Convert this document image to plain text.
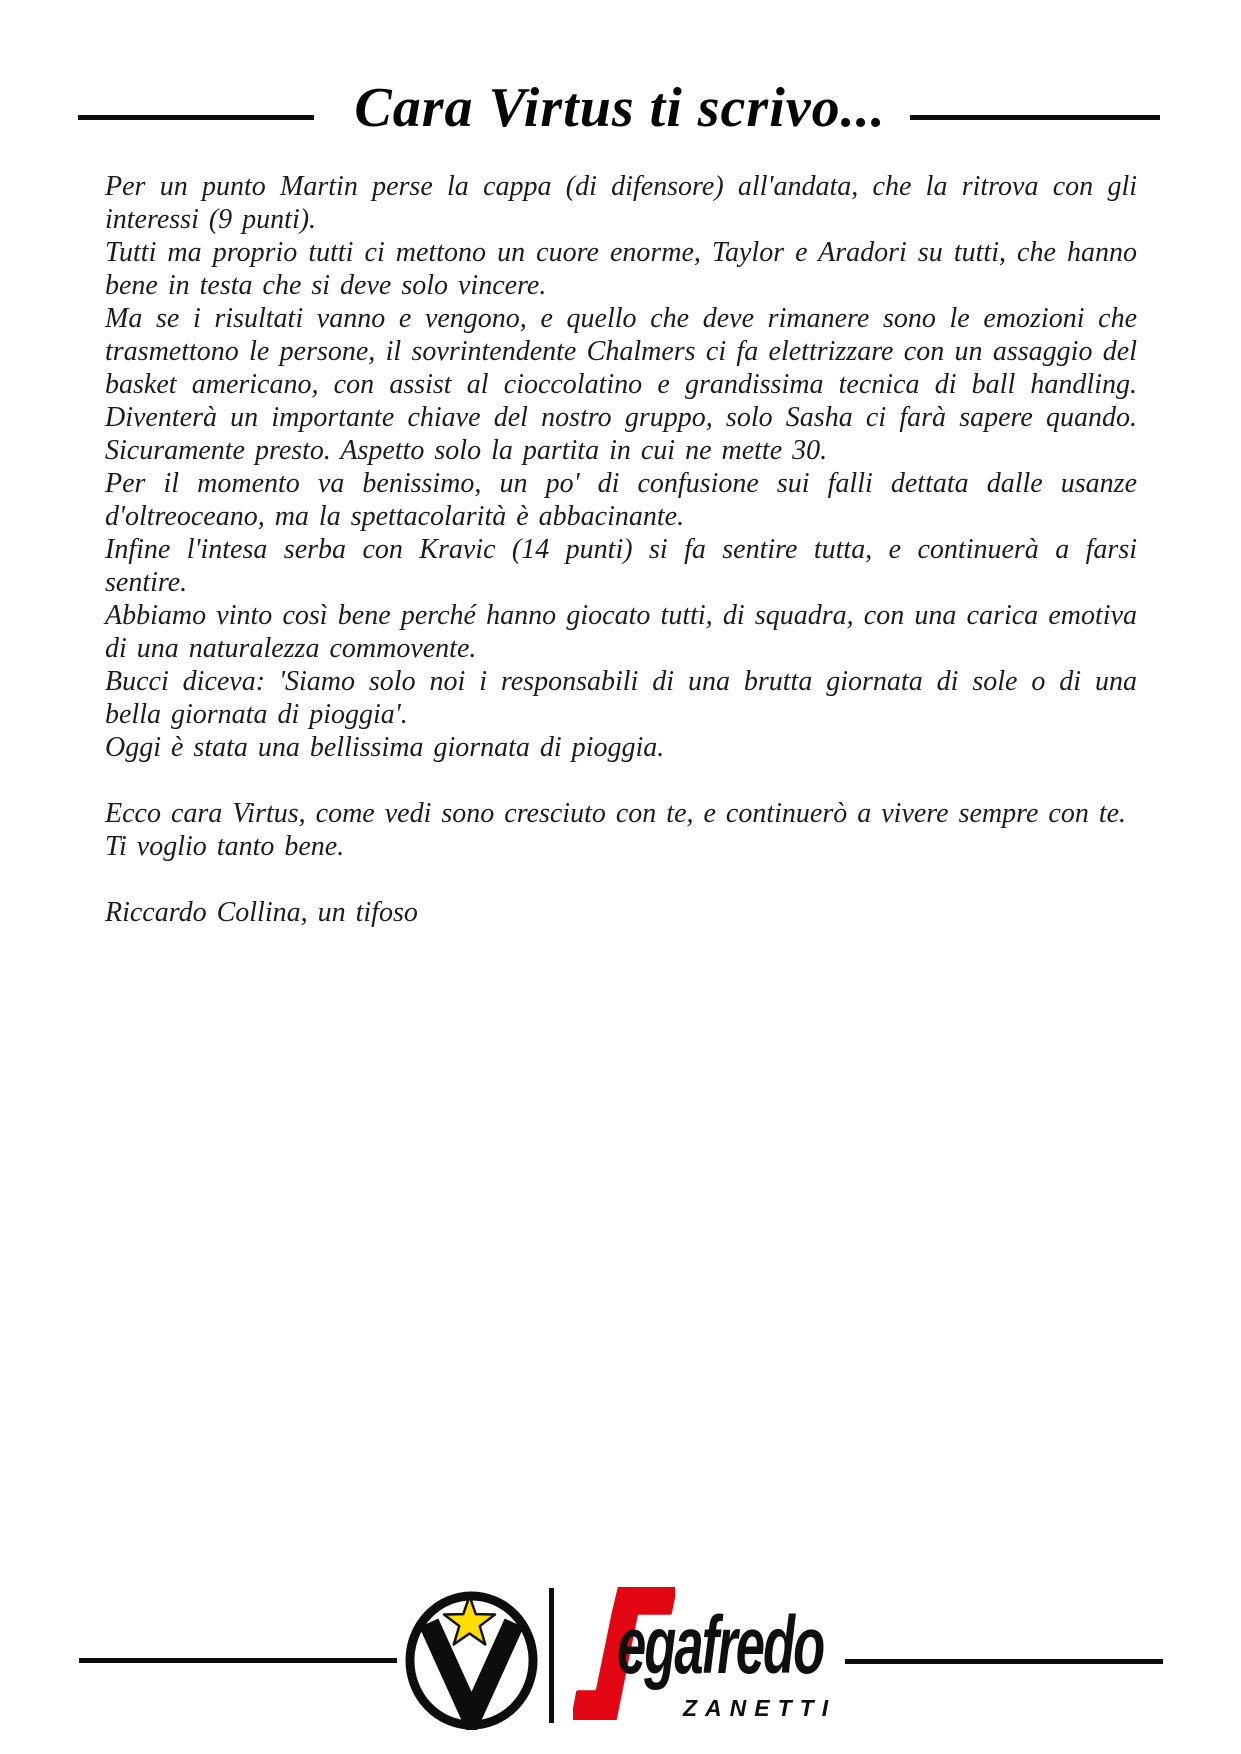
Cara Virtus ti scrivo...

Per un punto Martin perse la cappa (di difensore) all'andata, che la ritrova con gli interessi (9 punti).

Tutti ma proprio tutti ci mettono un cuore enorme, Taylor e Aradori su tutti, che hanno bene in testa che si deve solo vincere.

Ma se i risultati vanno e vengono, e quello che deve rimanere sono le emozioni che trasmettono le persone, il sovrintendente Chalmers ci fa elettrizzare con un assaggio del basket americano, con assist al cioccolatino e grandissima tecnica di ball handling. Diventerà un importante chiave del nostro gruppo, solo Sasha ci farà sapere quando. Sicuramente presto. Aspetto solo la partita in cui ne mette 30.

Per il momento va benissimo, un po' di confusione sui falli dettata dalle usanze d'oltreoceano, ma la spettacolarità è abbacinante.

Infine l'intesa serba con Kravic (14 punti) si fa sentire tutta, e continuerà a farsi sentire.

Abbiamo vinto così bene perché hanno giocato tutti, di squadra, con una carica emotiva di una naturalezza commovente.

Bucci diceva: 'Siamo solo noi i responsabili di una brutta giornata di sole o di una bella giornata di pioggia'.

Oggi è stata una bellissima giornata di pioggia.

Ecco cara Virtus, come vedi sono cresciuto con te, e continuerò a vivere sempre con te.

Ti voglio tanto bene.

Riccardo Collina, un tifoso

egafredo
ZANETTI
